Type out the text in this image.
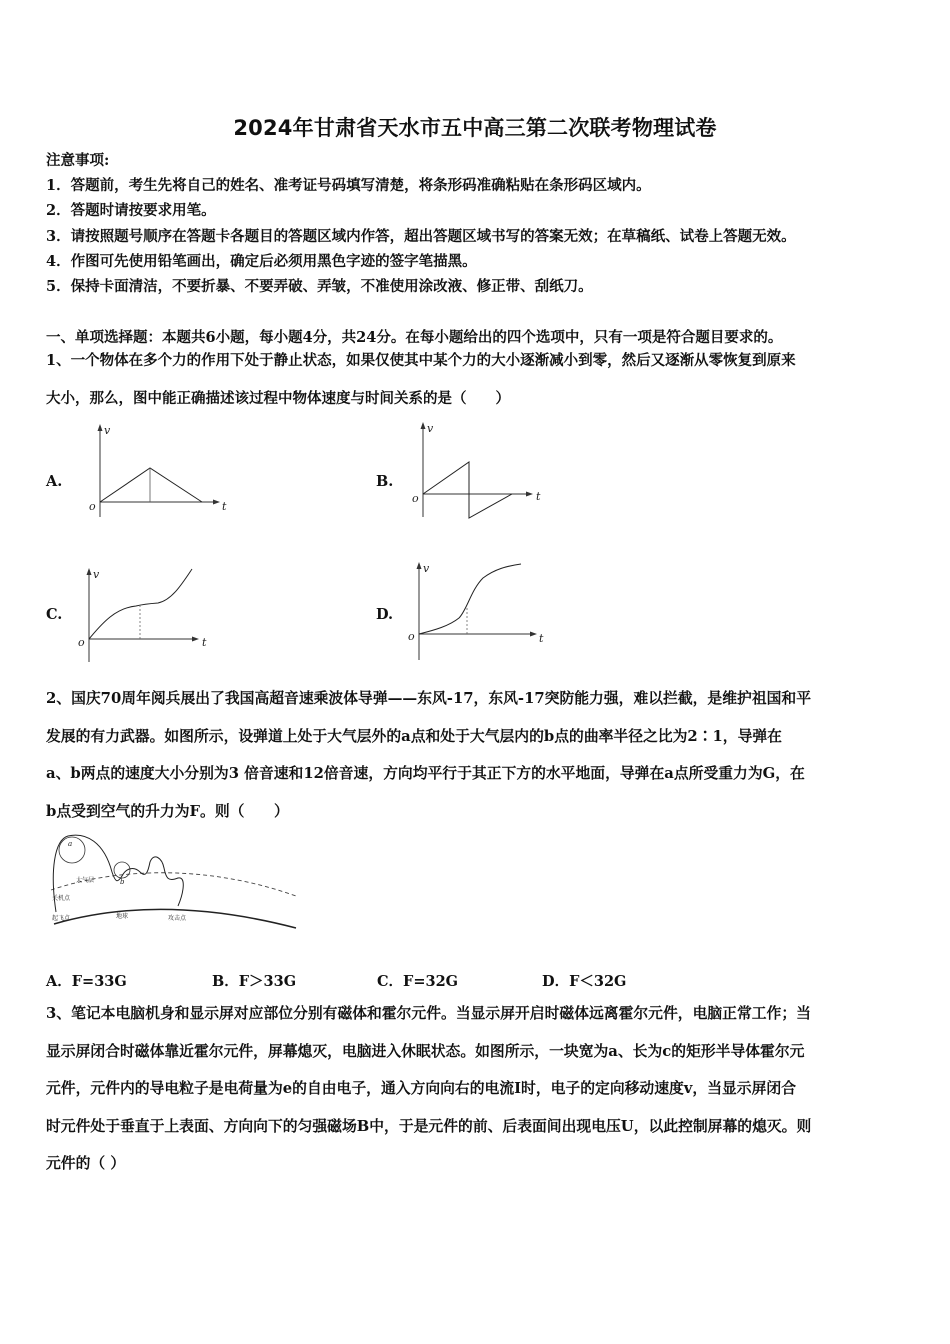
2024年甘肃省天水市五中高三第二次联考物理试卷
注意事项:
1．答题前，考生先将自己的姓名、准考证号码填写清楚，将条形码准确粘贴在条形码区域内。
2．答题时请按要求用笔。
3．请按照题号顺序在答题卡各题目的答题区域内作答，超出答题区域书写的答案无效；在草稿纸、试卷上答题无效。
4．作图可先使用铅笔画出，确定后必须用黑色字迹的签字笔描黑。
5．保持卡面清洁，不要折暴、不要弄破、弄皱，不准使用涂改液、修正带、刮纸刀。
一、单项选择题：本题共6小题，每小题4分，共24分。在每小题给出的四个选项中，只有一项是符合题目要求的。
1、一个物体在多个力的作用下处于静止状态，如果仅使其中某个力的大小逐渐减小到零，然后又逐渐从零恢复到原来
大小，那么，图中能正确描述该过程中物体速度与时间关系的是（　　）
A.	B.
C.	D.
v
t
o
v
t
o
v
t
o
v
t
o
2、国庆70周年阅兵展出了我国高超音速乘波体导弹——东风-17，东风-17突防能力强，难以拦截，是维护祖国和平
发展的有力武器。如图所示，设弹道上处于大气层外的a点和处于大气层内的b点的曲率半径之比为2∶1，导弹在
a、b两点的速度大小分别为3 倍音速和12倍音速，方向均平行于其正下方的水平地面，导弹在a点所受重力为G，在
b点受到空气的升力为F。则（　　）
a
b
大气层
关机点
起飞点	地球	攻击点
A．F=33G	B．F＞33G	C．F=32G	D．F＜32G
3、笔记本电脑机身和显示屏对应部位分别有磁体和霍尔元件。当显示屏开启时磁体远离霍尔元件，电脑正常工作；当
显示屏闭合时磁体靠近霍尔元件，屏幕熄灭，电脑进入休眠状态。如图所示，一块宽为a、长为c的矩形半导体霍尔元
元件，元件内的导电粒子是电荷量为e的自由电子，通入方向向右的电流I时，电子的定向移动速度v，当显示屏闭合
时元件处于垂直于上表面、方向向下的匀强磁场B中，于是元件的前、后表面间出现电压U，以此控制屏幕的熄灭。则
元件的（ ）
